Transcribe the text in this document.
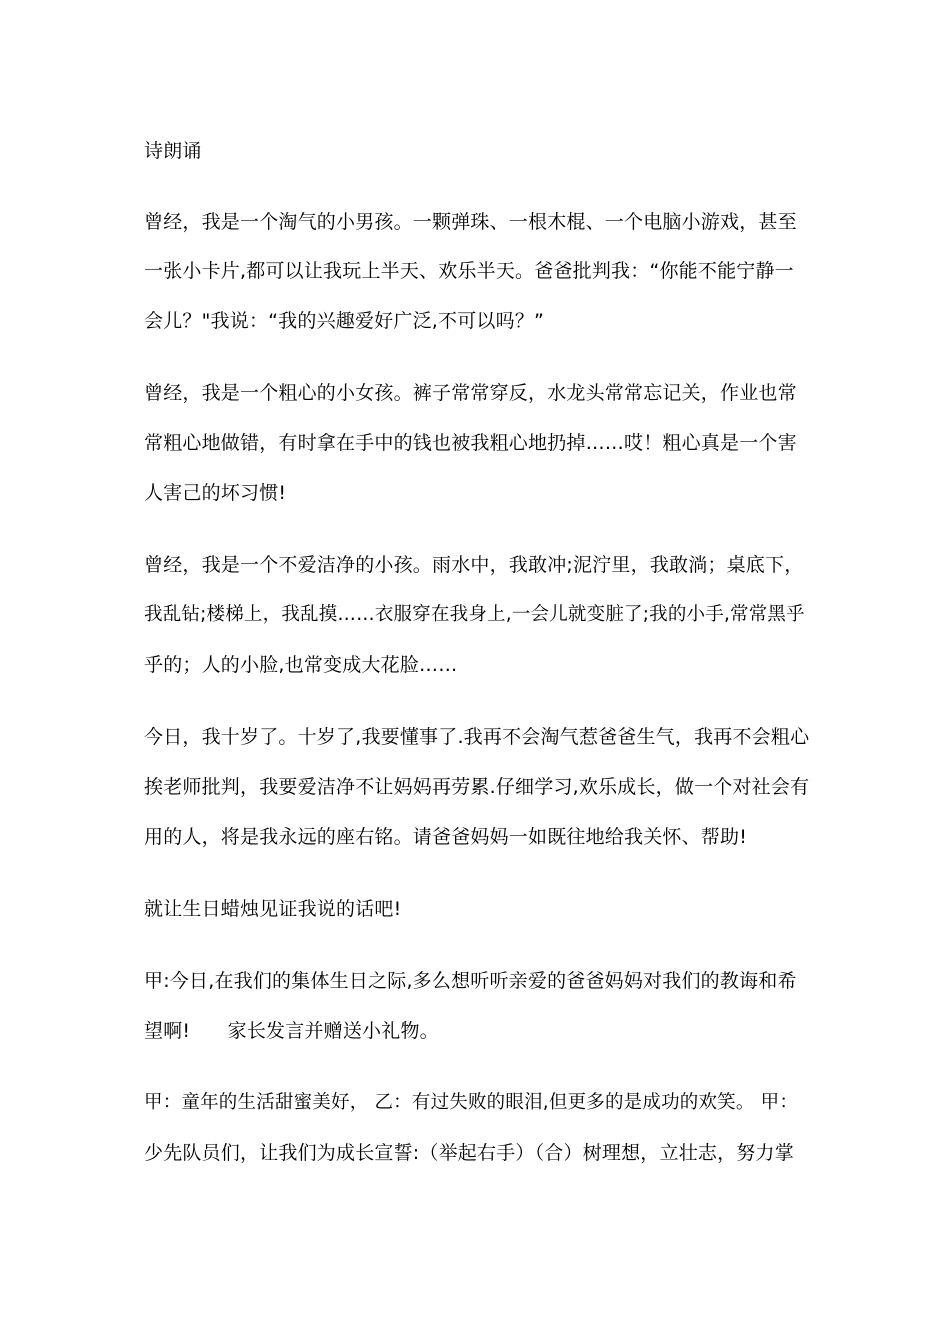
诗朗诵
曾经，我是一个淘气的小男孩。一颗弹珠、一根木棍、一个电脑小游戏，甚至
一张小卡片,都可以让我玩上半天、欢乐半天。爸爸批判我：“你能不能宁静一
会儿？"我说：“我的兴趣爱好广泛,不可以吗？”
曾经，我是一个粗心的小女孩。裤子常常穿反，水龙头常常忘记关，作业也常
常粗心地做错，有时拿在手中的钱也被我粗心地扔掉……哎！粗心真是一个害
人害己的坏习惯!
曾经，我是一个不爱洁净的小孩。雨水中，我敢冲;泥泞里，我敢淌；桌底下，
我乱钻;楼梯上，我乱摸……衣服穿在我身上,一会儿就变脏了;我的小手,常常黑乎
乎的；人的小脸,也常变成大花脸……
今日，我十岁了。十岁了,我要懂事了.我再不会淘气惹爸爸生气，我再不会粗心
挨老师批判，我要爱洁净不让妈妈再劳累.仔细学习,欢乐成长，做一个对社会有
用的人，将是我永远的座右铭。请爸爸妈妈一如既往地给我关怀、帮助!
就让生日蜡烛见证我说的话吧!
甲:今日,在我们的集体生日之际,多么想听听亲爱的爸爸妈妈对我们的教诲和希
望啊!      家长发言并赠送小礼物。
甲：童年的生活甜蜜美好， 乙：有过失败的眼泪,但更多的是成功的欢笑。 甲：
少先队员们，让我们为成长宣誓:（举起右手）（合）树理想，立壮志，努力掌
